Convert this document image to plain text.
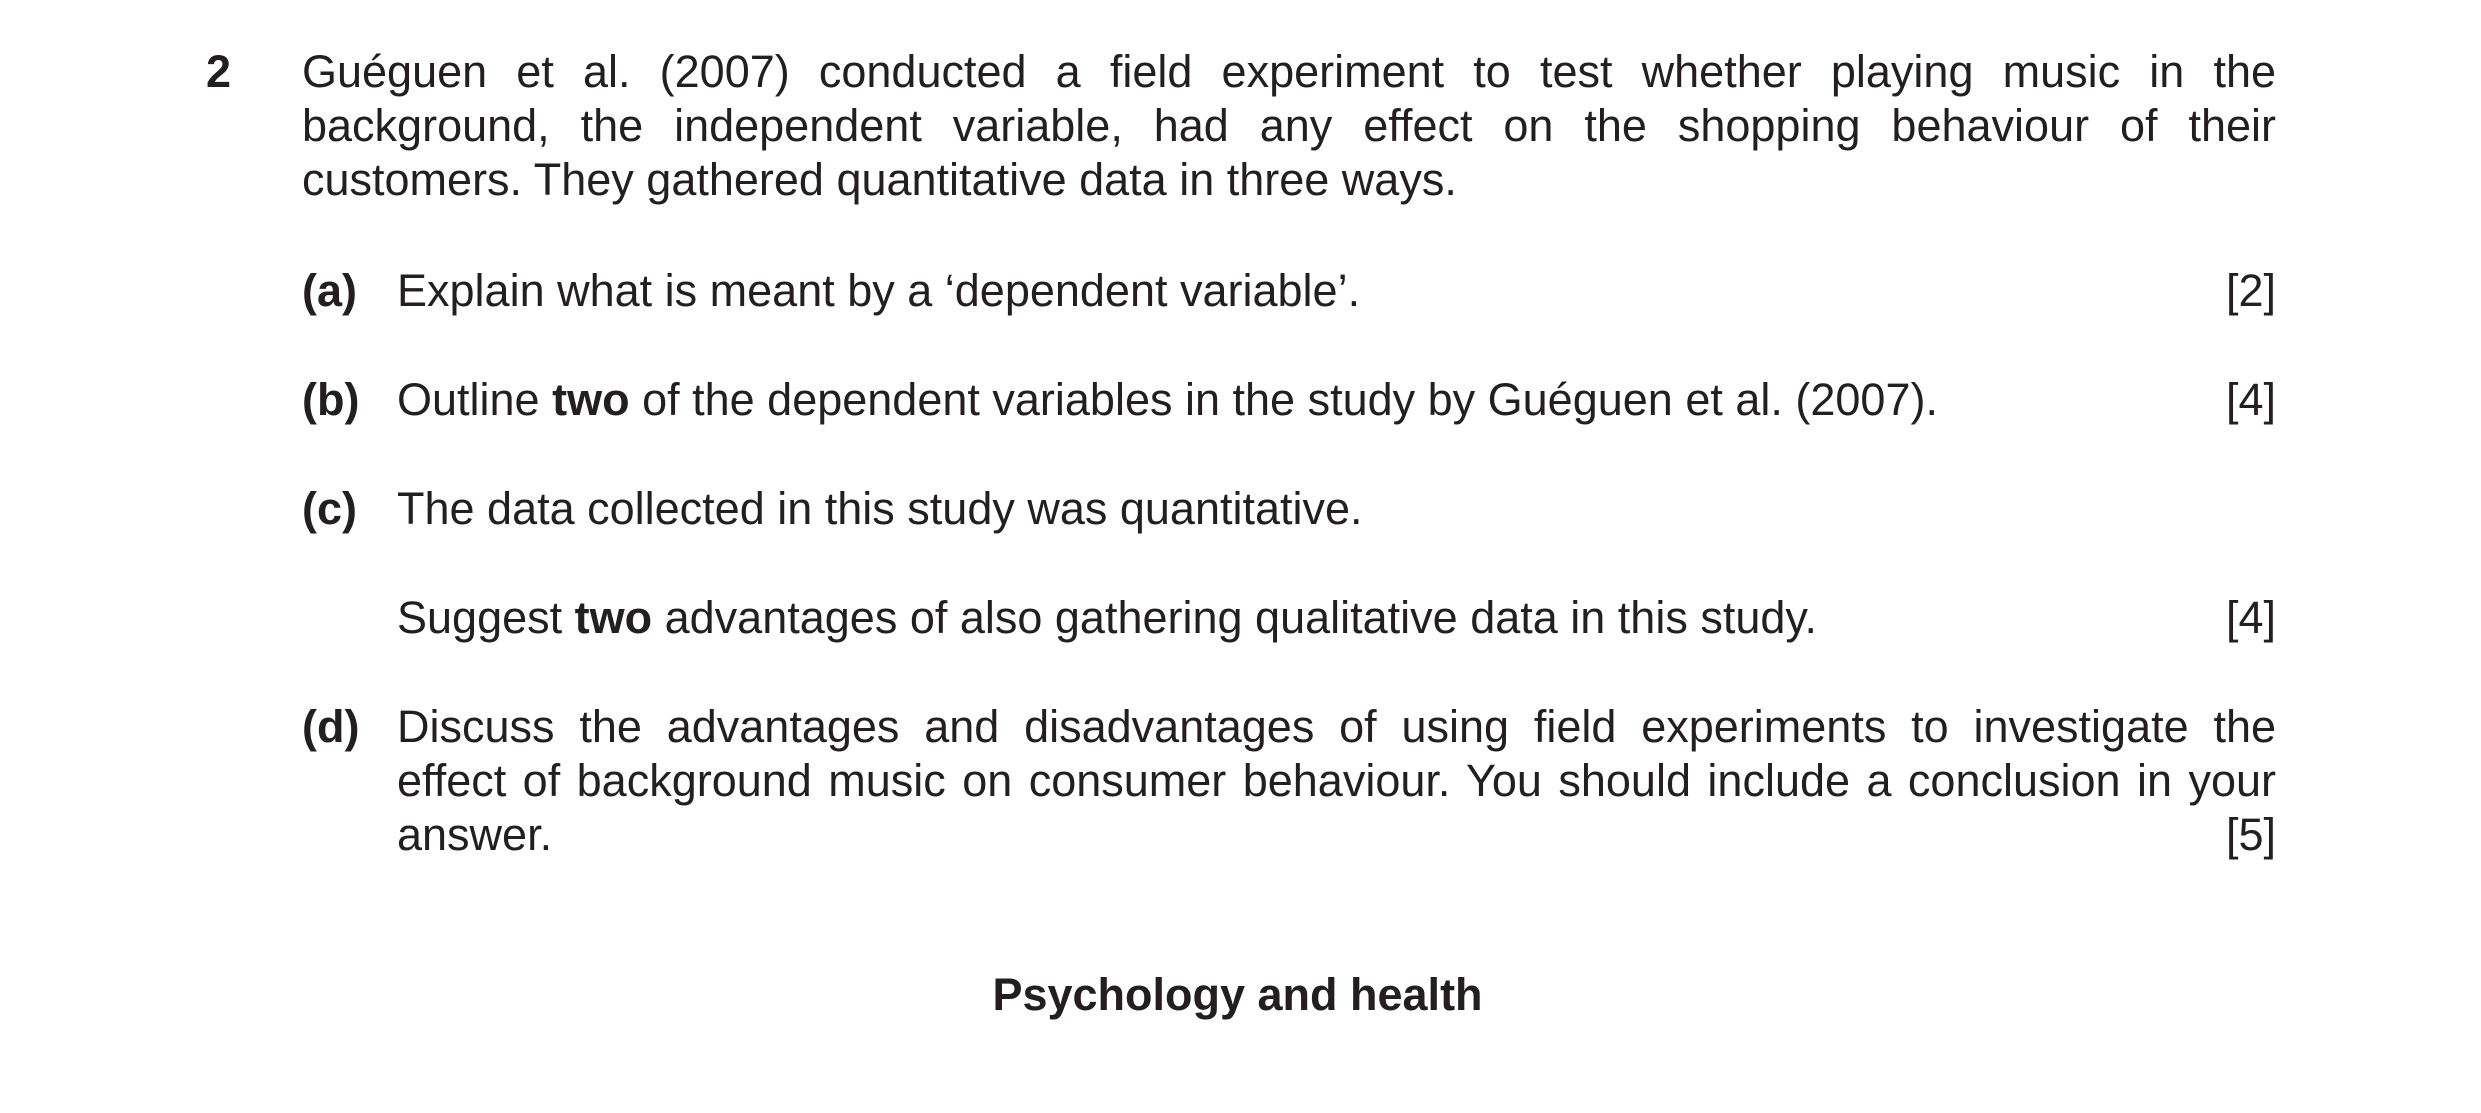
2 Guéguen et al. (2007) conducted a field experiment to test whether playing music in the
background, the independent variable, had any effect on the shopping behaviour of their
customers. They gathered quantitative data in three ways.
(a) Explain what is meant by a ‘dependent variable’.	[2]
(b) Outline two of the dependent variables in the study by Guéguen et al. (2007).	[4]
(c) The data collected in this study was quantitative.
Suggest two advantages of also gathering qualitative data in this study.	[4]
(d) Discuss the advantages and disadvantages of using field experiments to investigate the
effect of background music on consumer behaviour. You should include a conclusion in your
answer.	[5]
Psychology and health
